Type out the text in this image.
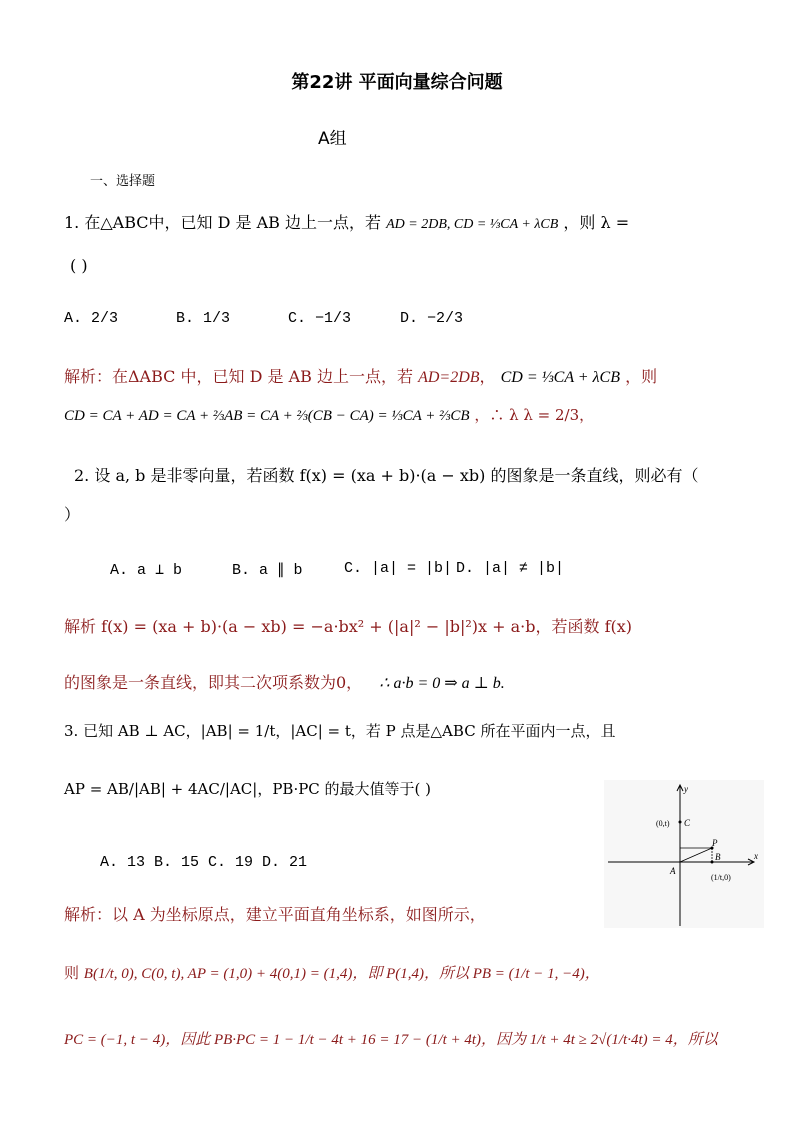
第22讲 平面向量综合问题
A组
一、选择题
1. 在△ABC中，已知 D 是 AB 边上一点，若 AD = 2DB, CD = ⅓CA + λCB ，则 λ =
( )
A. 2/3	B. 1/3	C. −1/3	D. −2/3
解析：在ΔABC 中，已知 D 是 AB 边上一点，若 AD=2DB， CD = ⅓CA + λCB ，则
CD = CA + AD = CA + ⅔AB = CA + ⅔(CB − CA) = ⅓CA + ⅔CB ，∴ λ λ = 2/3，
2. 设 a, b 是非零向量，若函数 f(x) = (xa + b)·(a − xb) 的图象是一条直线，则必有（
）
A. a ⊥ b	B. a ∥ b	C. |a| = |b| D. |a| ≠ |b|
解析 f(x) = (xa + b)·(a − xb) = −a·bx² + (|a|² − |b|²)x + a·b，若函数 f(x)
的图象是一条直线，即其二次项系数为0， ∴ a·b = 0 ⇒ a ⊥ b.
3. 已知 AB ⊥ AC，|AB| = 1/t，|AC| = t，若 P 点是△ABC 所在平面内一点，且
AP = AB/|AB| + 4AC/|AC|，PB·PC 的最大值等于( )
A. 13 B. 15 C. 19 D. 21
y
x
C
(0,t)
P
B
A
(1/t,0)
解析：以 A 为坐标原点，建立平面直角坐标系，如图所示，
则 B(1/t, 0), C(0, t), AP = (1,0) + 4(0,1) = (1,4)，即 P(1,4)，所以 PB = (1/t − 1, −4)，
PC = (−1, t − 4)，因此 PB·PC = 1 − 1/t − 4t + 16 = 17 − (1/t + 4t)，因为 1/t + 4t ≥ 2√(1/t·4t) = 4，所以
